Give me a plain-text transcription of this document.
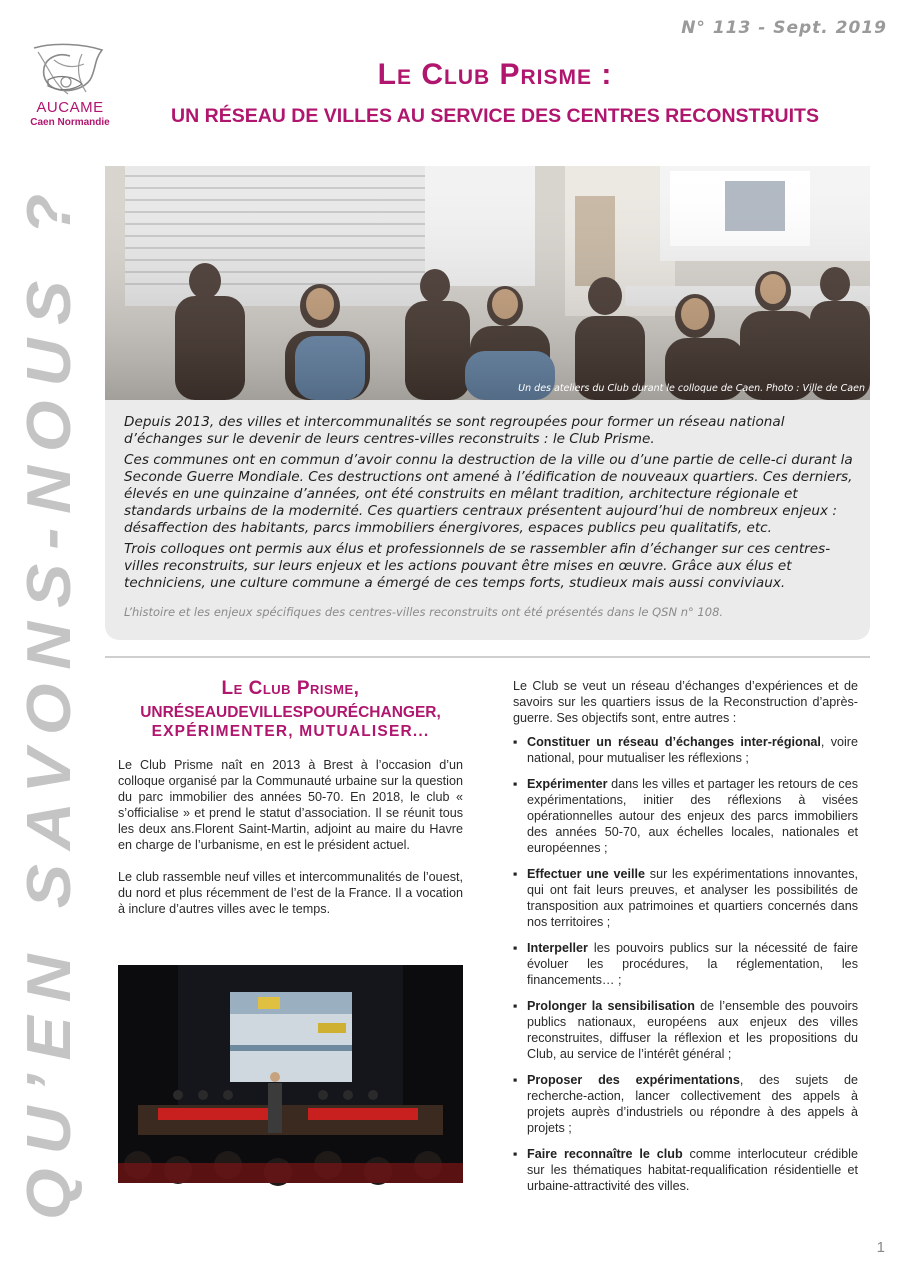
N° 113 - Sept. 2019
AUCAME
Caen Normandie
Le Club Prisme :
UN RÉSEAU DE VILLES AU SERVICE DES CENTRES RECONSTRUITS
QU’EN SAVONS-NOUS ?	Un des ateliers du Club durant le colloque de Caen. Photo : Ville de Caen

Depuis 2013, des villes et intercommunalités se sont regroupées pour former un réseau national d’échanges sur le devenir de leurs centres-villes reconstruits : le Club Prisme.

Ces communes ont en commun d’avoir connu la destruction de la ville ou d’une partie de celle-ci durant la Seconde Guerre Mondiale. Ces destructions ont amené à l’édification de nouveaux quartiers. Ces derniers, élevés en une quinzaine d’années, ont été construits en mêlant tradition, architecture régionale et standards urbains de la modernité. Ces quartiers centraux présentent aujourd’hui de nombreux enjeux : désaffection des habitants, parcs immobiliers énergivores, espaces publics peu qualitatifs, etc.

Trois colloques ont permis aux élus et professionnels de se rassembler afin d’échanger sur ces centres-villes reconstruits, sur leurs enjeux et les actions pouvant être mises en œuvre. Grâce aux élus et techniciens, une culture commune a émergé de ces temps forts, studieux mais aussi conviviaux.

L’histoire et les enjeux spécifiques des centres-villes reconstruits ont été présentés dans le QSN n° 108.
Le Club Prisme,
UNRÉSEAUDEVILLESPOURÉCHANGER,
EXPÉRIMENTER, MUTUALISER...

Le Club Prisme naît en 2013 à Brest à l’occasion d’un colloque organisé par la Communauté urbaine sur la question du parc immobilier des années 50-70. En 2018, le club « s’officialise » et prend le statut d’association. Il se réunit tous les deux ans.Florent Saint-Martin, adjoint au maire du Havre en charge de l’urbanisme, en est le président actuel.

Le club rassemble neuf villes et intercommunalités de l’ouest, du nord et plus récemment de l’est de la France. Il a vocation à inclure d’autres villes avec le temps.

Le Club se veut un réseau d’échanges d’expériences et de savoirs sur les quartiers issus de la Reconstruction d’après-guerre. Ses objectifs sont, entre autres :

▪ Constituer un réseau d’échanges inter-régional, voire national, pour mutualiser les réflexions ;
▪ Expérimenter dans les villes et partager les retours de ces expérimentations, initier des réflexions à visées opérationnelles autour des enjeux des parcs immobiliers des années 50-70, aux échelles locales, nationales et européennes ;
▪ Effectuer une veille sur les expérimentations innovantes, qui ont fait leurs preuves, et analyser les possibilités de transposition aux patrimoines et quartiers concernés dans nos territoires ;
▪ Interpeller les pouvoirs publics sur la nécessité de faire évoluer les procédures, la réglementation, les financements… ;
▪ Prolonger la sensibilisation de l’ensemble des pouvoirs publics nationaux, européens aux enjeux des villes reconstruites, diffuser la réflexion et les propositions du Club, au service de l’intérêt général ;
▪ Proposer des expérimentations, des sujets de recherche-action, lancer collectivement des appels à projets auprès d’industriels ou répondre à des appels à projets ;
▪ Faire reconnaître le club comme interlocuteur crédible sur les thématiques habitat-requalification résidentielle et urbaine-attractivité des villes.
1
